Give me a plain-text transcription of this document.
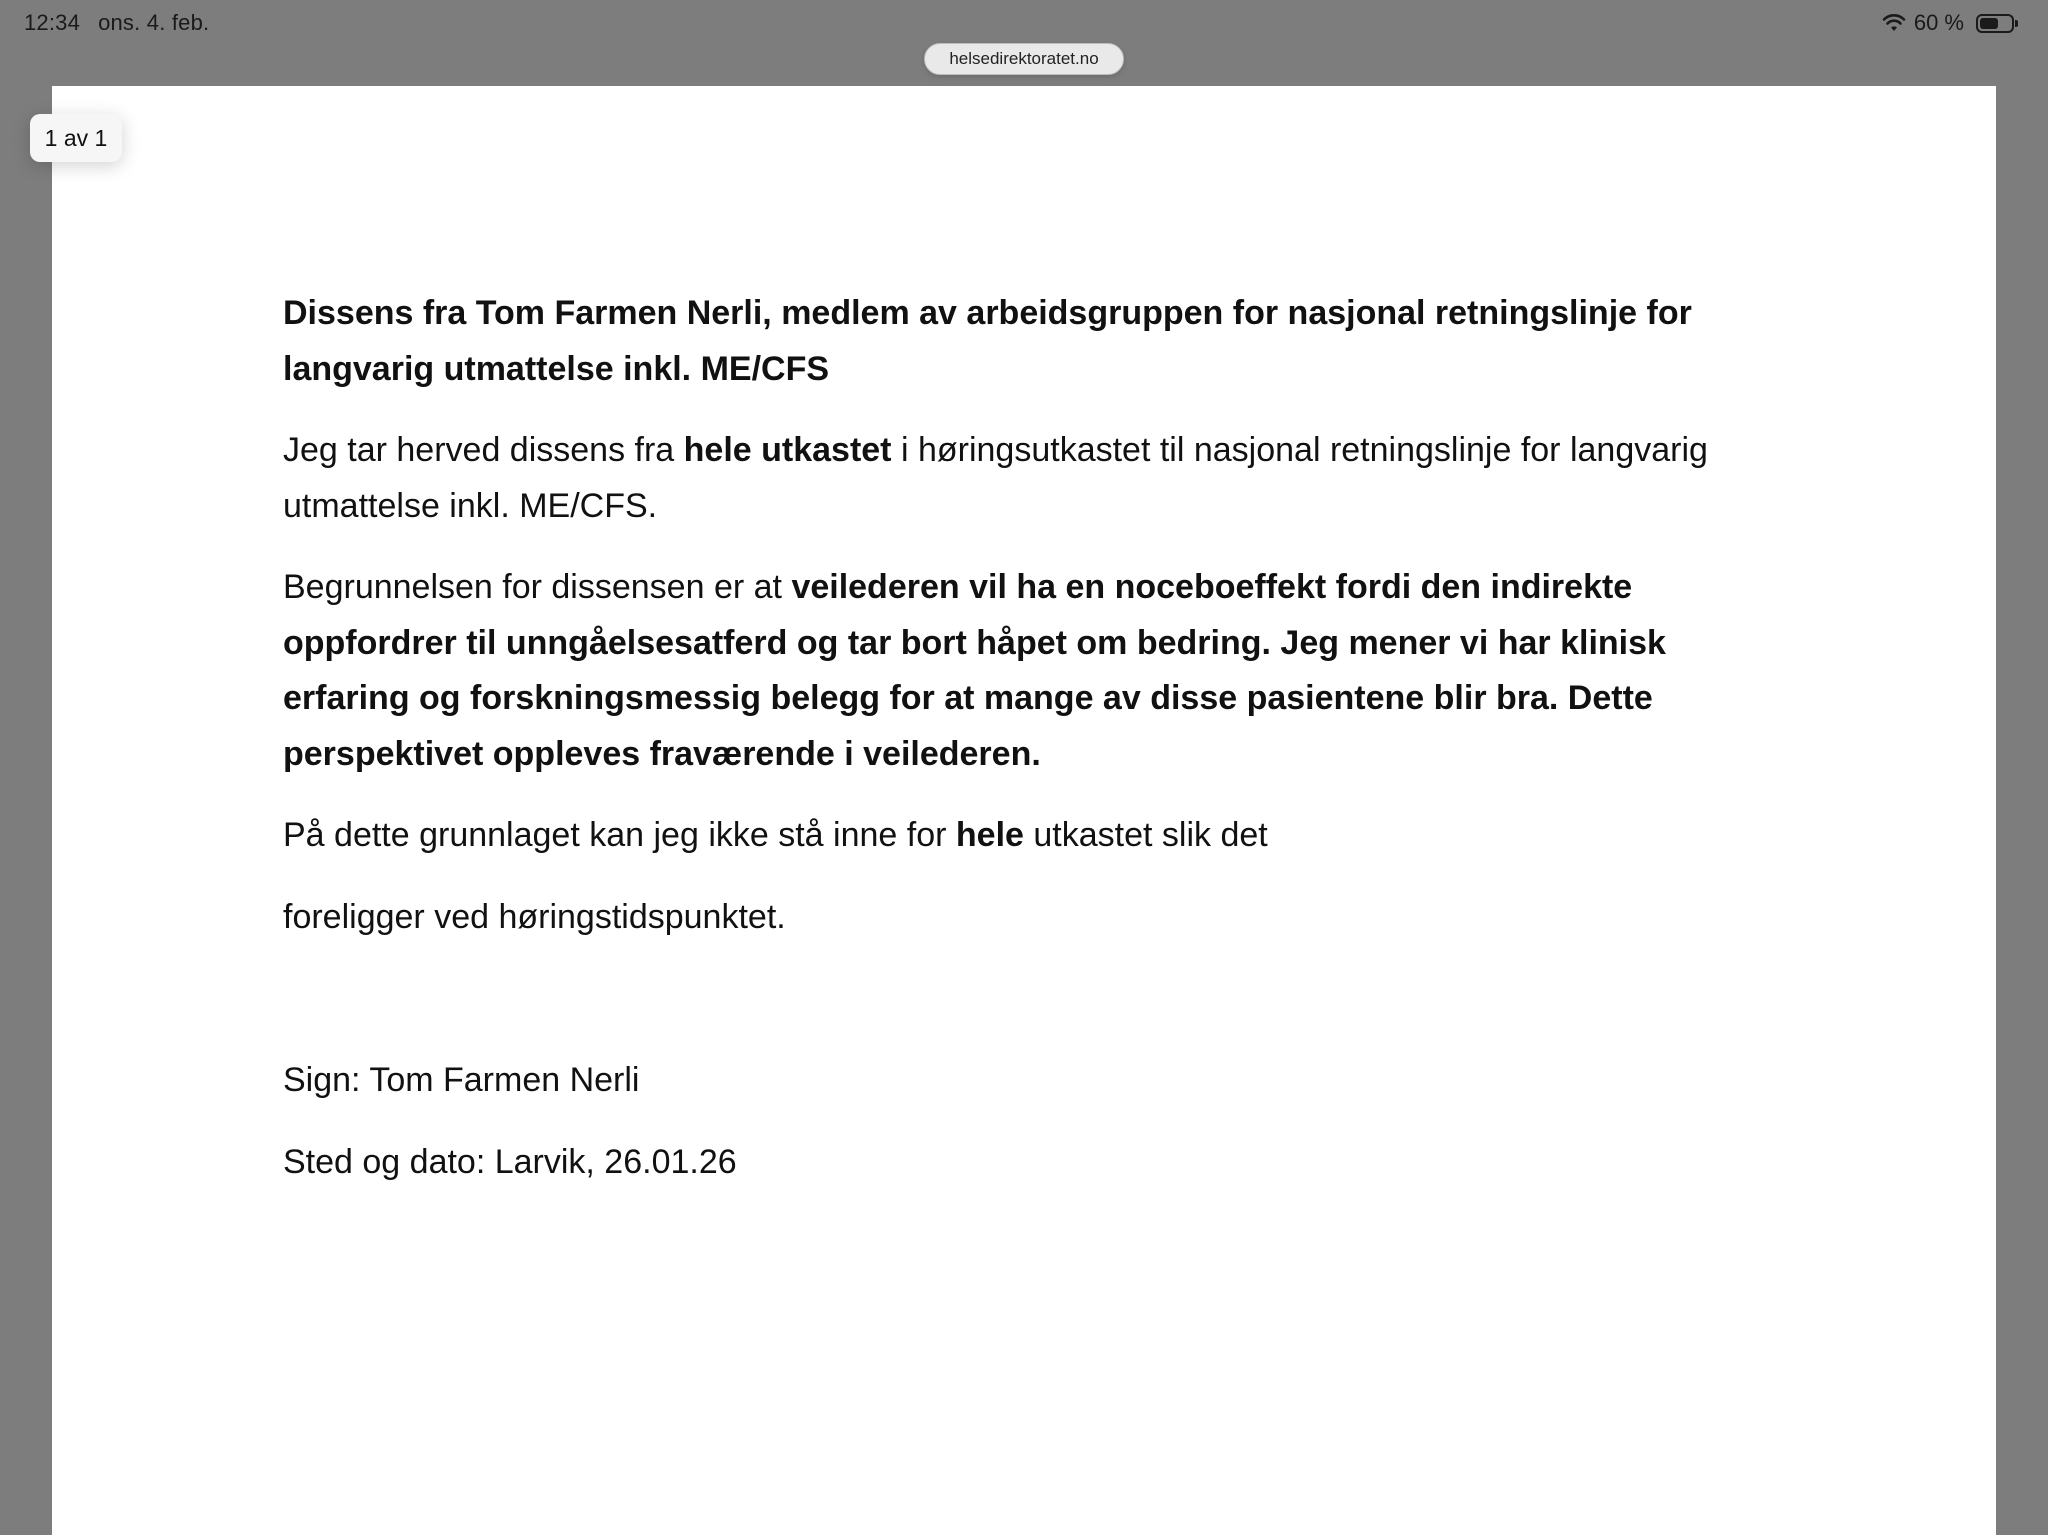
12:34 ons. 4. feb.	60 %
helsedirektoratet.no
1 av 1

Dissens fra Tom Farmen Nerli, medlem av arbeidsgruppen for nasjonal retningslinje for langvarig utmattelse inkl. ME/CFS

Jeg tar herved dissens fra hele utkastet i høringsutkastet til nasjonal retningslinje for langvarig utmattelse inkl. ME/CFS.

Begrunnelsen for dissensen er at veilederen vil ha en noceboeffekt fordi den indirekte oppfordrer til unngåelsesatferd og tar bort håpet om bedring. Jeg mener vi har klinisk erfaring og forskningsmessig belegg for at mange av disse pasientene blir bra. Dette perspektivet oppleves fraværende i veilederen.

På dette grunnlaget kan jeg ikke stå inne for hele utkastet slik det

foreligger ved høringstidspunktet.

Sign: Tom Farmen Nerli

Sted og dato: Larvik, 26.01.26
